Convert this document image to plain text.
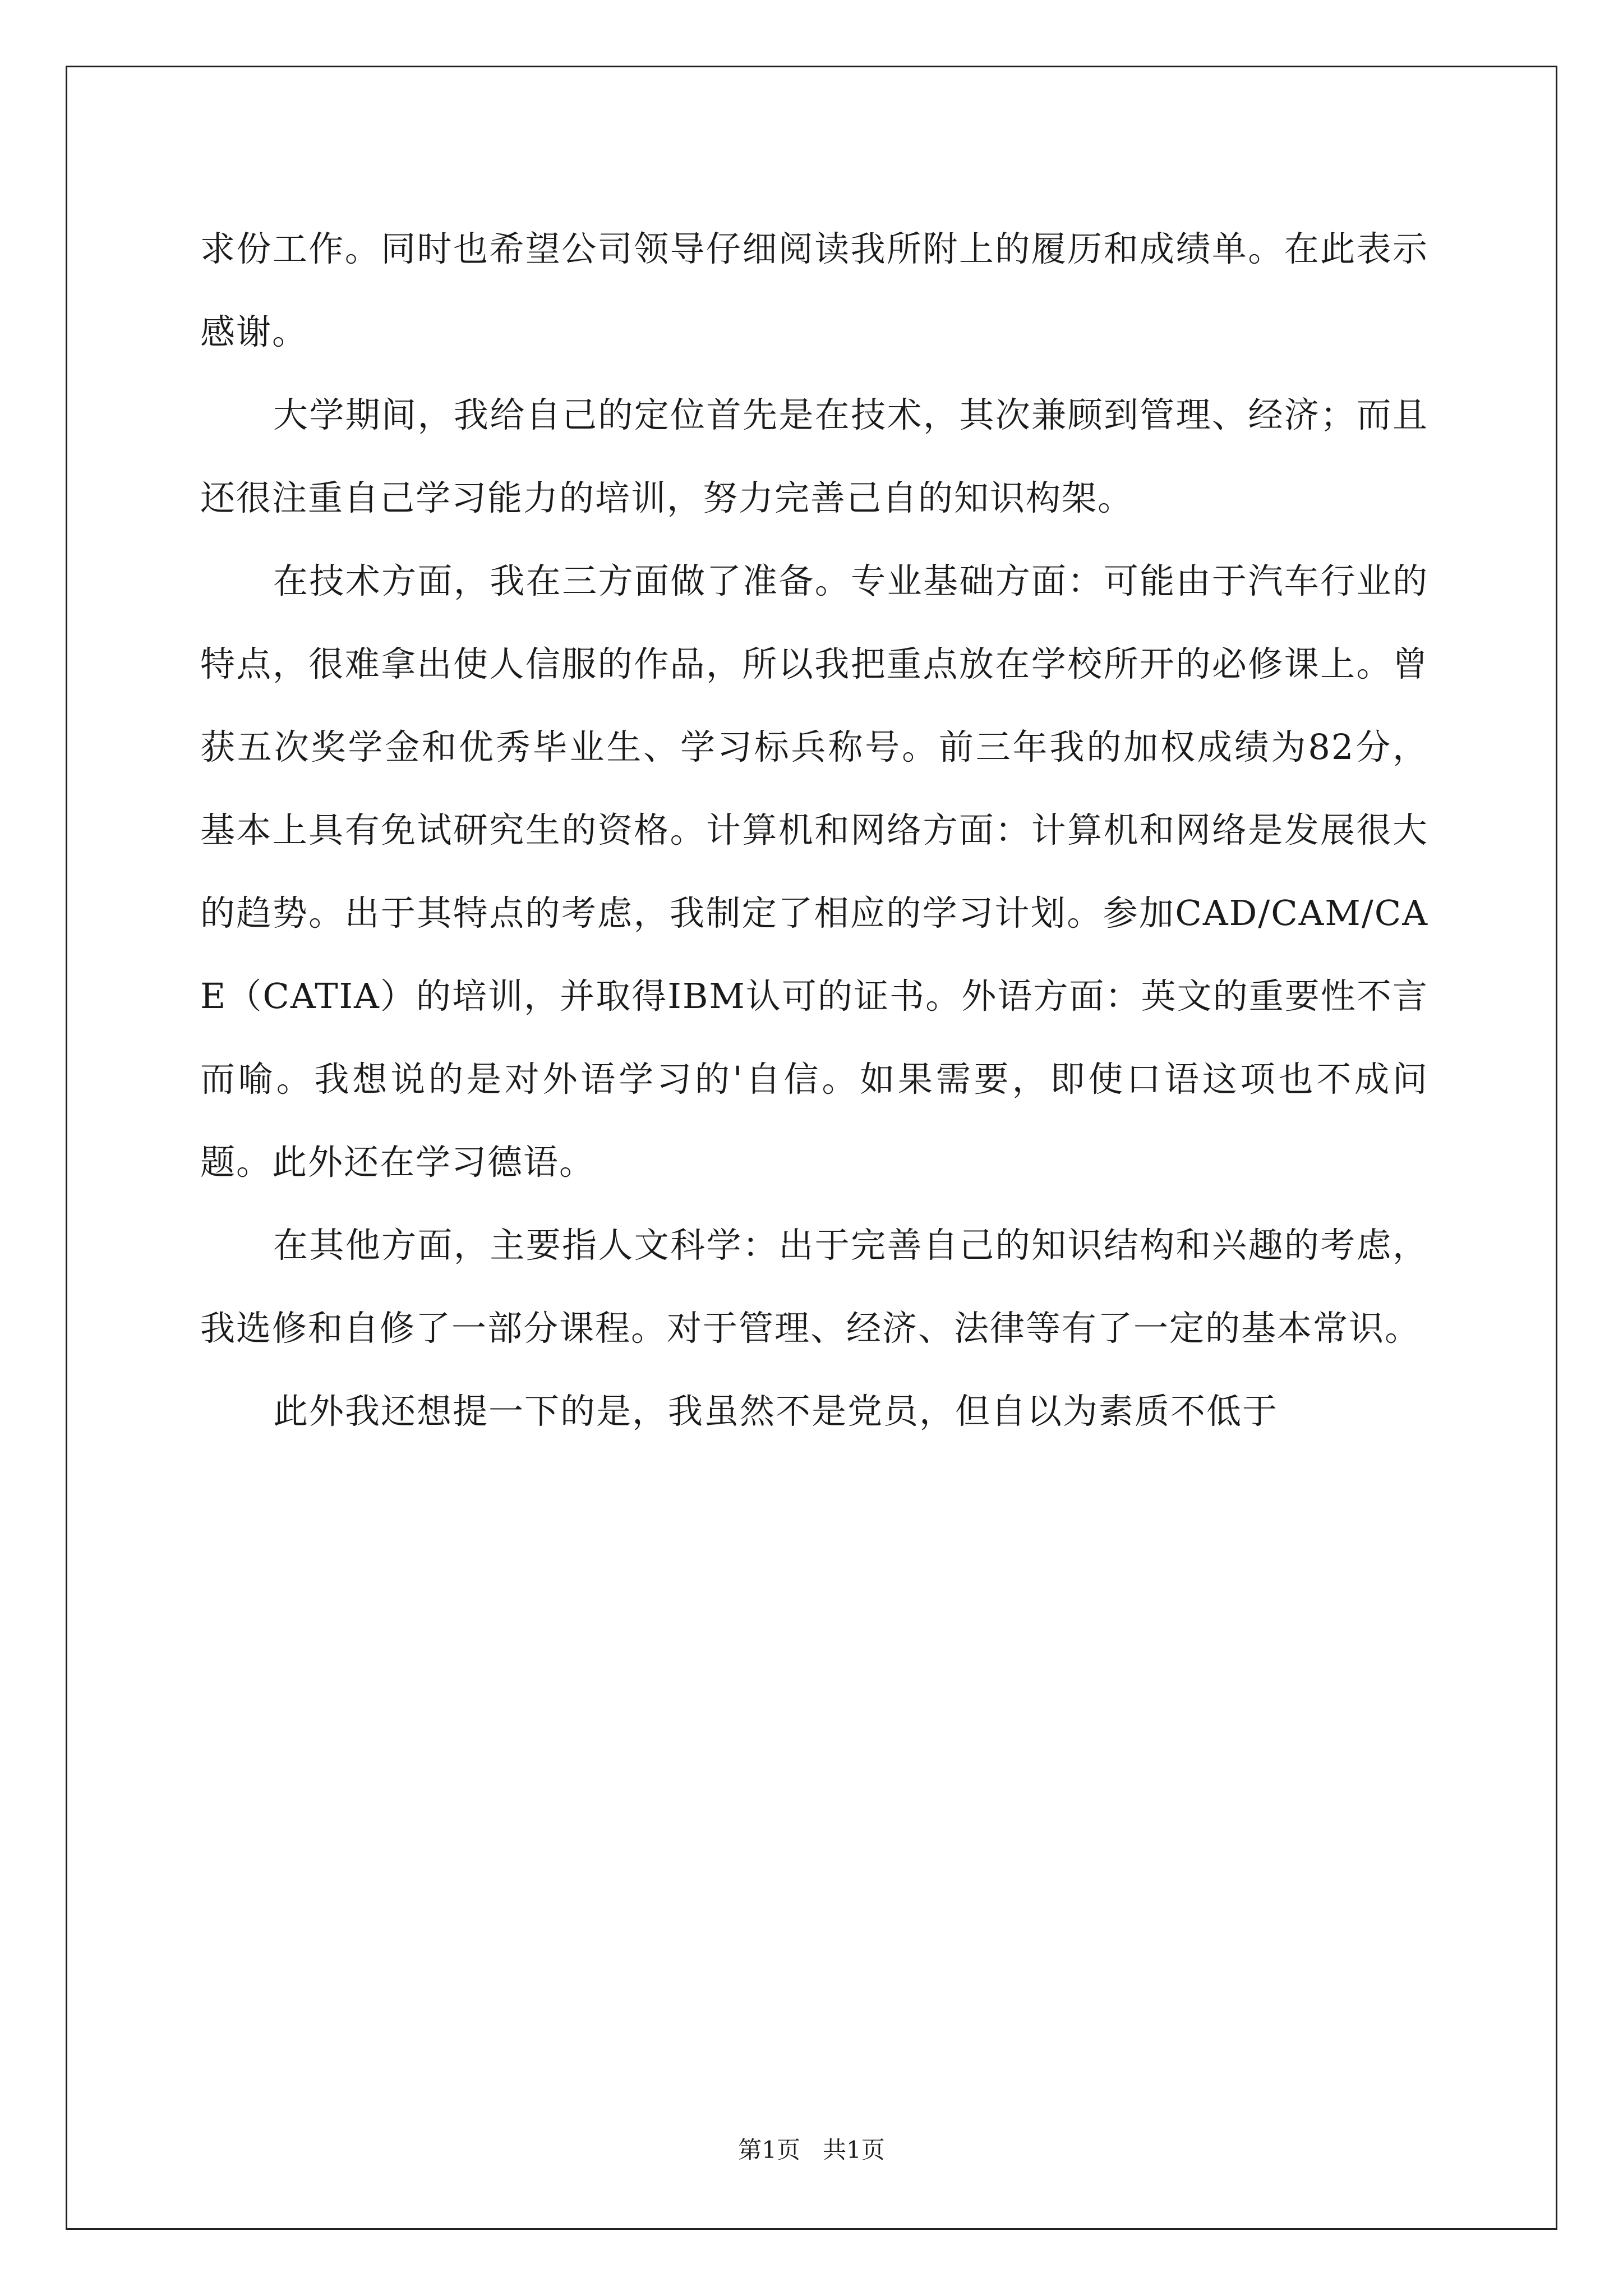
求份工作。同时也希望公司领导仔细阅读我所附上的履历和成绩单。在此表示感谢。

大学期间，我给自己的定位首先是在技术，其次兼顾到管理、经济；而且还很注重自己学习能力的培训，努力完善己自的知识构架。

在技术方面，我在三方面做了准备。专业基础方面：可能由于汽车行业的特点，很难拿出使人信服的作品，所以我把重点放在学校所开的必修课上。曾获五次奖学金和优秀毕业生、学习标兵称号。前三年我的加权成绩为82分，基本上具有免试研究生的资格。计算机和网络方面：计算机和网络是发展很大的趋势。出于其特点的考虑，我制定了相应的学习计划。参加CAD/CAM/CAE（CATIA）的培训，并取得IBM认可的证书。外语方面：英文的重要性不言而喻。我想说的是对外语学习的'自信。如果需要，即使口语这项也不成问题。此外还在学习德语。

在其他方面，主要指人文科学：出于完善自己的知识结构和兴趣的考虑，我选修和自修了一部分课程。对于管理、经济、法律等有了一定的基本常识。

此外我还想提一下的是，我虽然不是党员，但自以为素质不低于

第1页 共1页
